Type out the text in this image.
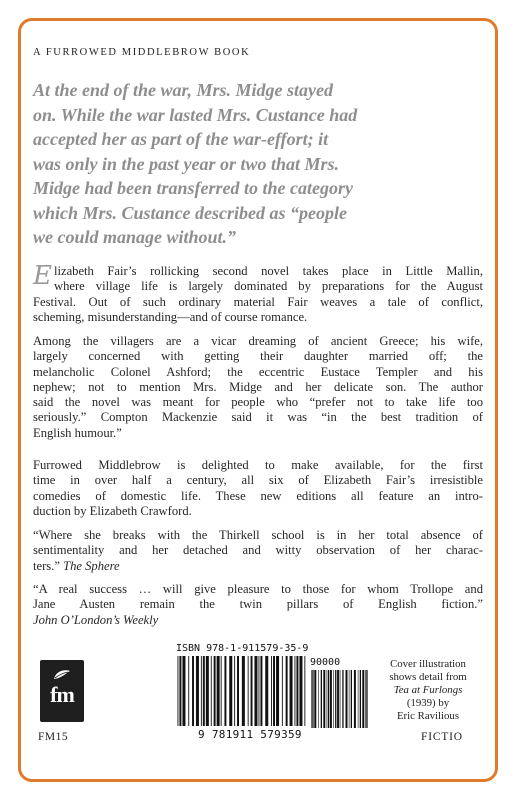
A FURROWED MIDDLEBROW BOOK
At the end of the war, Mrs. Midge stayed
on. While the war lasted Mrs. Custance had
accepted her as part of the war-effort; it
was only in the past year or two that Mrs.
Midge had been transferred to the category
which Mrs. Custance described as “people
we could manage without.”
E lizabeth Fair’s rollicking second novel takes place in Little Mallin,
where village life is largely dominated by preparations for the August
Festival. Out of such ordinary material Fair weaves a tale of conflict,
scheming, misunderstanding—and of course romance.
Among the villagers are a vicar dreaming of ancient Greece; his wife,
largely concerned with getting their daughter married off; the
melancholic Colonel Ashford; the eccentric Eustace Templer and his
nephew; not to mention Mrs. Midge and her delicate son. The author
said the novel was meant for people who “prefer not to take life too
seriously.” Compton Mackenzie said it was “in the best tradition of
English humour.”
Furrowed Middlebrow is delighted to make available, for the first
time in over half a century, all six of Elizabeth Fair’s irresistible
comedies of domestic life. These new editions all feature an intro-
duction by Elizabeth Crawford.
“Where she breaks with the Thirkell school is in her total absence of
sentimentality and her detached and witty observation of her charac-
ters.” The Sphere
“A real success … will give pleasure to those for whom Trollope and
Jane Austen remain the twin pillars of English fiction.”
John O’London’s Weekly
fm
FM15
ISBN 978-1-911579-35-9
90000
9 781911 579359
Cover illustration
shows detail from
Tea at Furlongs
(1939) by
Eric Ravilious
FICTIO
